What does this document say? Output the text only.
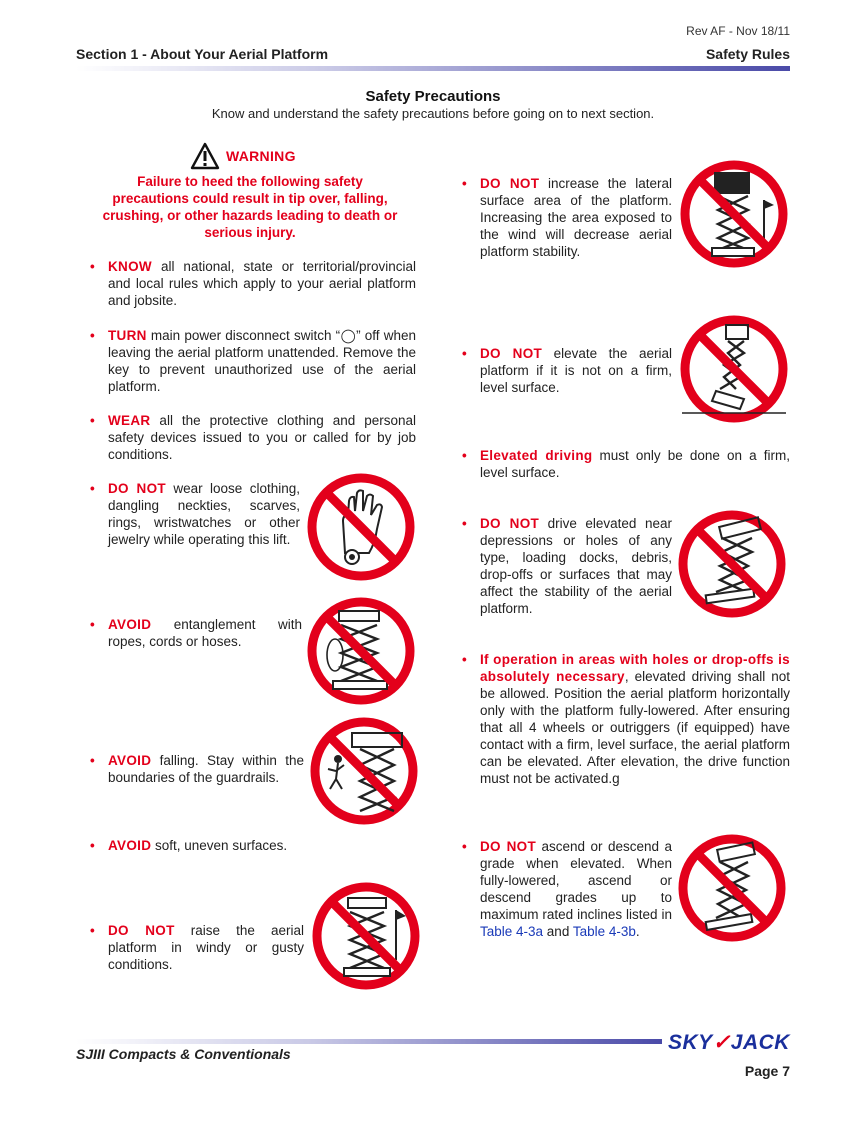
Rev AF - Nov 18/11
Section 1 - About Your Aerial Platform	Safety Rules
Safety Precautions
Know and understand the safety precautions before going on to next section.
WARNING
Failure to heed the following safety precautions could result in tip over, falling, crushing, or other hazards leading to death or serious injury.
• KNOW all national, state or territorial/provincial and local rules which apply to your aerial platform and jobsite.
• TURN main power disconnect switch “◯” off when leaving the aerial platform unattended. Remove the key to prevent unauthorized use of the aerial platform.
• WEAR all the protective clothing and personal safety devices issued to you or called for by job conditions.
• DO NOT wear loose clothing, dangling neckties, scarves, rings, wristwatches or other jewelry while operating this lift.
• AVOID entanglement with ropes, cords or hoses.
• AVOID falling. Stay within the boundaries of the guardrails.
• AVOID soft, uneven surfaces.
• DO NOT raise the aerial platform in windy or gusty conditions.
• DO NOT increase the lateral surface area of the platform. Increasing the area exposed to the wind will decrease aerial platform stability.
• DO NOT elevate the aerial platform if it is not on a firm, level surface.
• Elevated driving must only be done on a firm, level surface.
• DO NOT drive elevated near depressions or holes of any type, loading docks, debris, drop-offs or surfaces that may affect the stability of the aerial platform.
• If operation in areas with holes or drop-offs is absolutely necessary, elevated driving shall not be allowed. Position the aerial platform horizontally only with the platform fully-lowered. After ensuring that all 4 wheels or outriggers (if equipped) have contact with a firm, level surface, the aerial platform can be elevated. After elevation, the drive function must not be activated.g
• DO NOT ascend or descend a grade when elevated. When fully-lowered, ascend or descend grades up to maximum rated inclines listed in Table 4-3a and Table 4-3b.
SKY✓JACK
SJIII Compacts & Conventionals
Page 7
